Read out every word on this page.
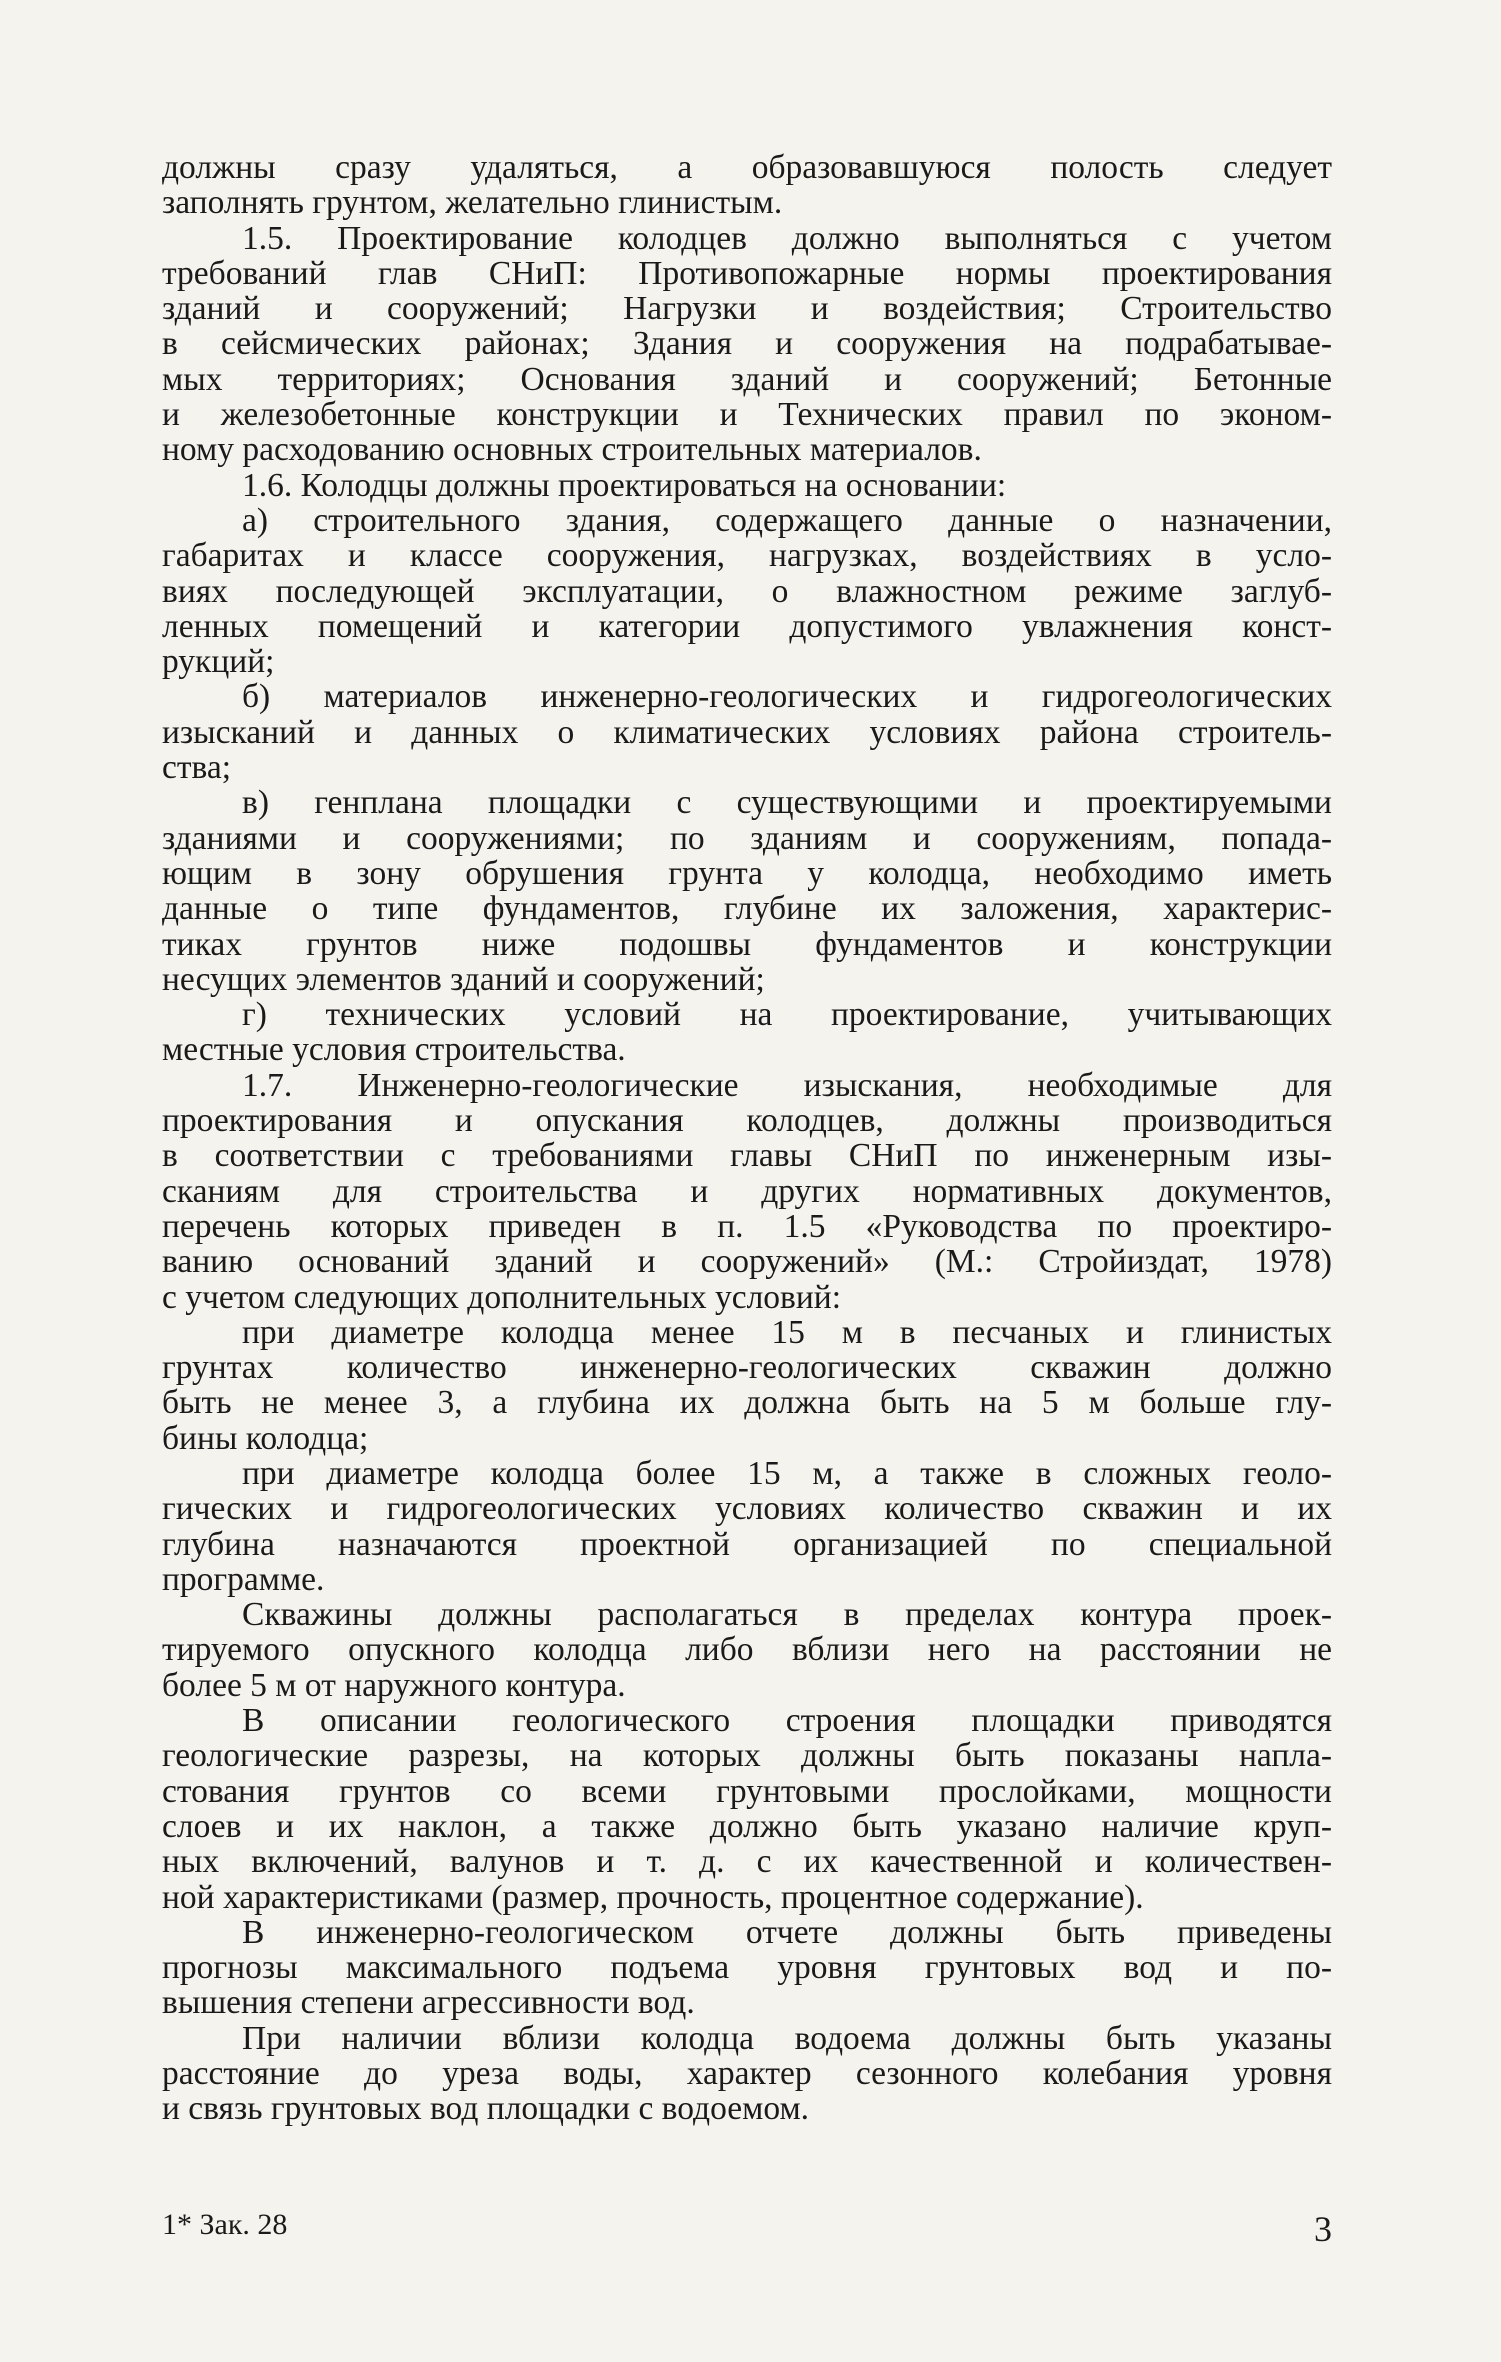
должны сразу удаляться, а образовавшуюся полость следует
заполнять грунтом, желательно глинистым.
1.5. Проектирование колодцев должно выполняться с учетом
требований глав СНиП: Противопожарные нормы проектирования
зданий и сооружений; Нагрузки и воздействия; Строительство
в сейсмических районах; Здания и сооружения на подрабатывае-
мых территориях; Основания зданий и сооружений; Бетонные
и железобетонные конструкции и Технических правил по эконом-
ному расходованию основных строительных материалов.
1.6. Колодцы должны проектироваться на основании:
а) строительного здания, содержащего данные о назначении,
габаритах и классе сооружения, нагрузках, воздействиях в усло-
виях последующей эксплуатации, о влажностном режиме заглуб-
ленных помещений и категории допустимого увлажнения конст-
рукций;
б) материалов инженерно-геологических и гидрогеологических
изысканий и данных о климатических условиях района строитель-
ства;
в) генплана площадки с существующими и проектируемыми
зданиями и сооружениями; по зданиям и сооружениям, попада-
ющим в зону обрушения грунта у колодца, необходимо иметь
данные о типе фундаментов, глубине их заложения, характерис-
тиках грунтов ниже подошвы фундаментов и конструкции
несущих элементов зданий и сооружений;
г) технических условий на проектирование, учитывающих
местные условия строительства.
1.7. Инженерно-геологические изыскания, необходимые для
проектирования и опускания колодцев, должны производиться
в соответствии с требованиями главы СНиП по инженерным изы-
сканиям для строительства и других нормативных документов,
перечень которых приведен в п. 1.5 «Руководства по проектиро-
ванию оснований зданий и сооружений» (М.: Стройиздат, 1978)
с учетом следующих дополнительных условий:
при диаметре колодца менее 15 м в песчаных и глинистых
грунтах количество инженерно-геологических скважин должно
быть не менее 3, а глубина их должна быть на 5 м больше глу-
бины колодца;
при диаметре колодца более 15 м, а также в сложных геоло-
гических и гидрогеологических условиях количество скважин и их
глубина назначаются проектной организацией по специальной
программе.
Скважины должны располагаться в пределах контура проек-
тируемого опускного колодца либо вблизи него на расстоянии не
более 5 м от наружного контура.
В описании геологического строения площадки приводятся
геологические разрезы, на которых должны быть показаны напла-
стования грунтов со всеми грунтовыми прослойками, мощности
слоев и их наклон, а также должно быть указано наличие круп-
ных включений, валунов и т. д. с их качественной и количествен-
ной характеристиками (размер, прочность, процентное содержание).
В инженерно-геологическом отчете должны быть приведены
прогнозы максимального подъема уровня грунтовых вод и по-
вышения степени агрессивности вод.
При наличии вблизи колодца водоема должны быть указаны
расстояние до уреза воды, характер сезонного колебания уровня
и связь грунтовых вод площадки с водоемом.
1* Зак. 28	3
